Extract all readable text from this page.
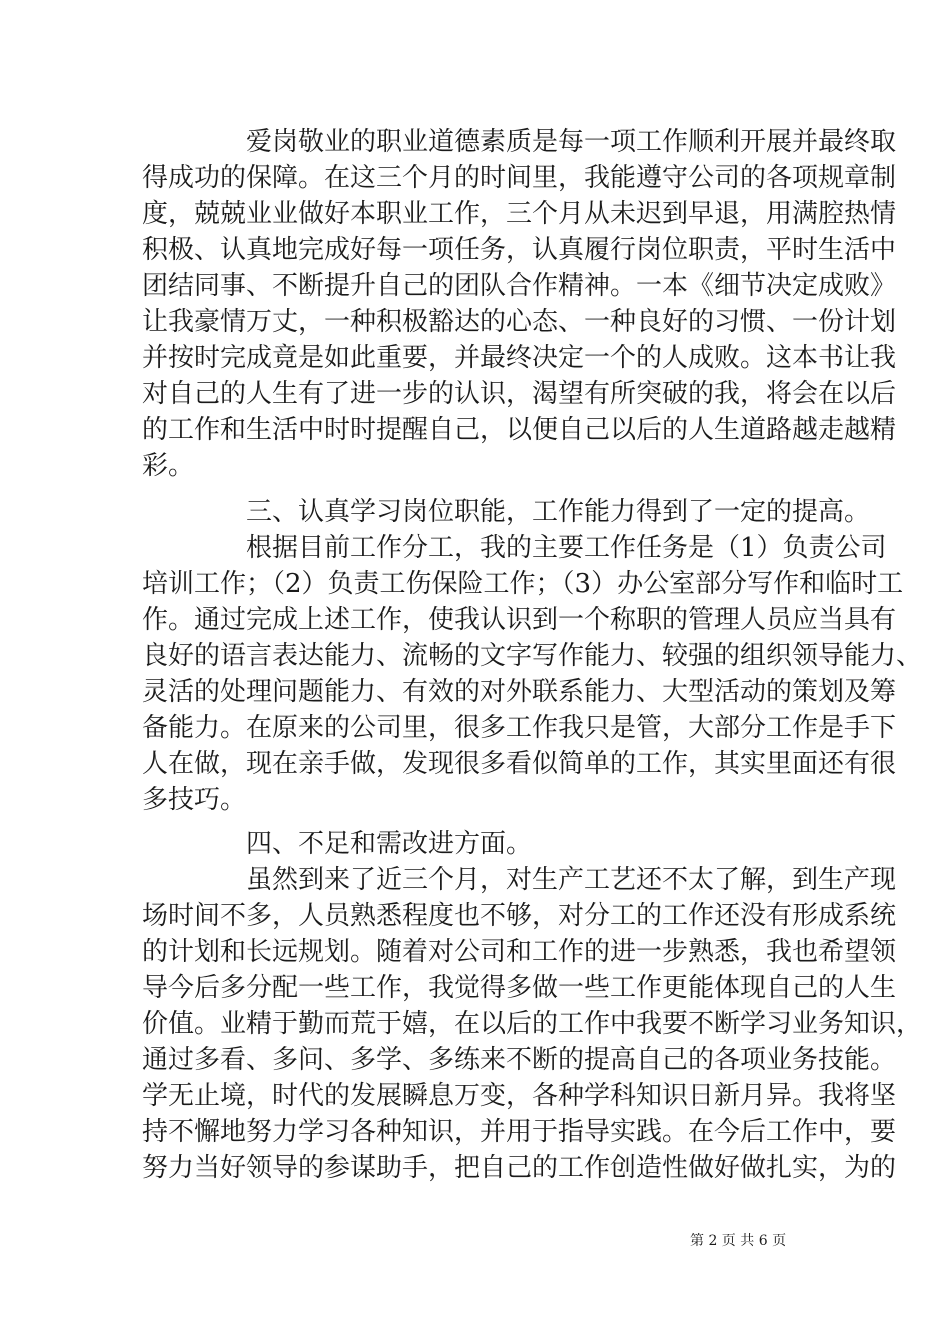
爱岗敬业的职业道德素质是每一项工作顺利开展并最终取
得成功的保障。在这三个月的时间里，我能遵守公司的各项规章制
度，兢兢业业做好本职业工作，三个月从未迟到早退，用满腔热情
积极、认真地完成好每一项任务，认真履行岗位职责，平时生活中
团结同事、不断提升自己的团队合作精神。一本《细节决定成败》
让我豪情万丈，一种积极豁达的心态、一种良好的习惯、一份计划
并按时完成竟是如此重要，并最终决定一个的人成败。这本书让我
对自己的人生有了进一步的认识，渴望有所突破的我，将会在以后
的工作和生活中时时提醒自己，以便自己以后的人生道路越走越精
彩。
三、认真学习岗位职能，工作能力得到了一定的提高。
根据目前工作分工，我的主要工作任务是（1）负责公司
培训工作；（2）负责工伤保险工作；（3）办公室部分写作和临时工
作。通过完成上述工作，使我认识到一个称职的管理人员应当具有
良好的语言表达能力、流畅的文字写作能力、较强的组织领导能力、
灵活的处理问题能力、有效的对外联系能力、大型活动的策划及筹
备能力。在原来的公司里，很多工作我只是管，大部分工作是手下
人在做，现在亲手做，发现很多看似简单的工作，其实里面还有很
多技巧。
四、不足和需改进方面。
虽然到来了近三个月，对生产工艺还不太了解，到生产现
场时间不多，人员熟悉程度也不够，对分工的工作还没有形成系统
的计划和长远规划。随着对公司和工作的进一步熟悉，我也希望领
导今后多分配一些工作，我觉得多做一些工作更能体现自己的人生
价值。业精于勤而荒于嬉，在以后的工作中我要不断学习业务知识，
通过多看、多问、多学、多练来不断的提高自己的各项业务技能。
学无止境，时代的发展瞬息万变，各种学科知识日新月异。我将坚
持不懈地努力学习各种知识，并用于指导实践。在今后工作中，要
努力当好领导的参谋助手，把自己的工作创造性做好做扎实，为的
第 2 页 共 6 页
